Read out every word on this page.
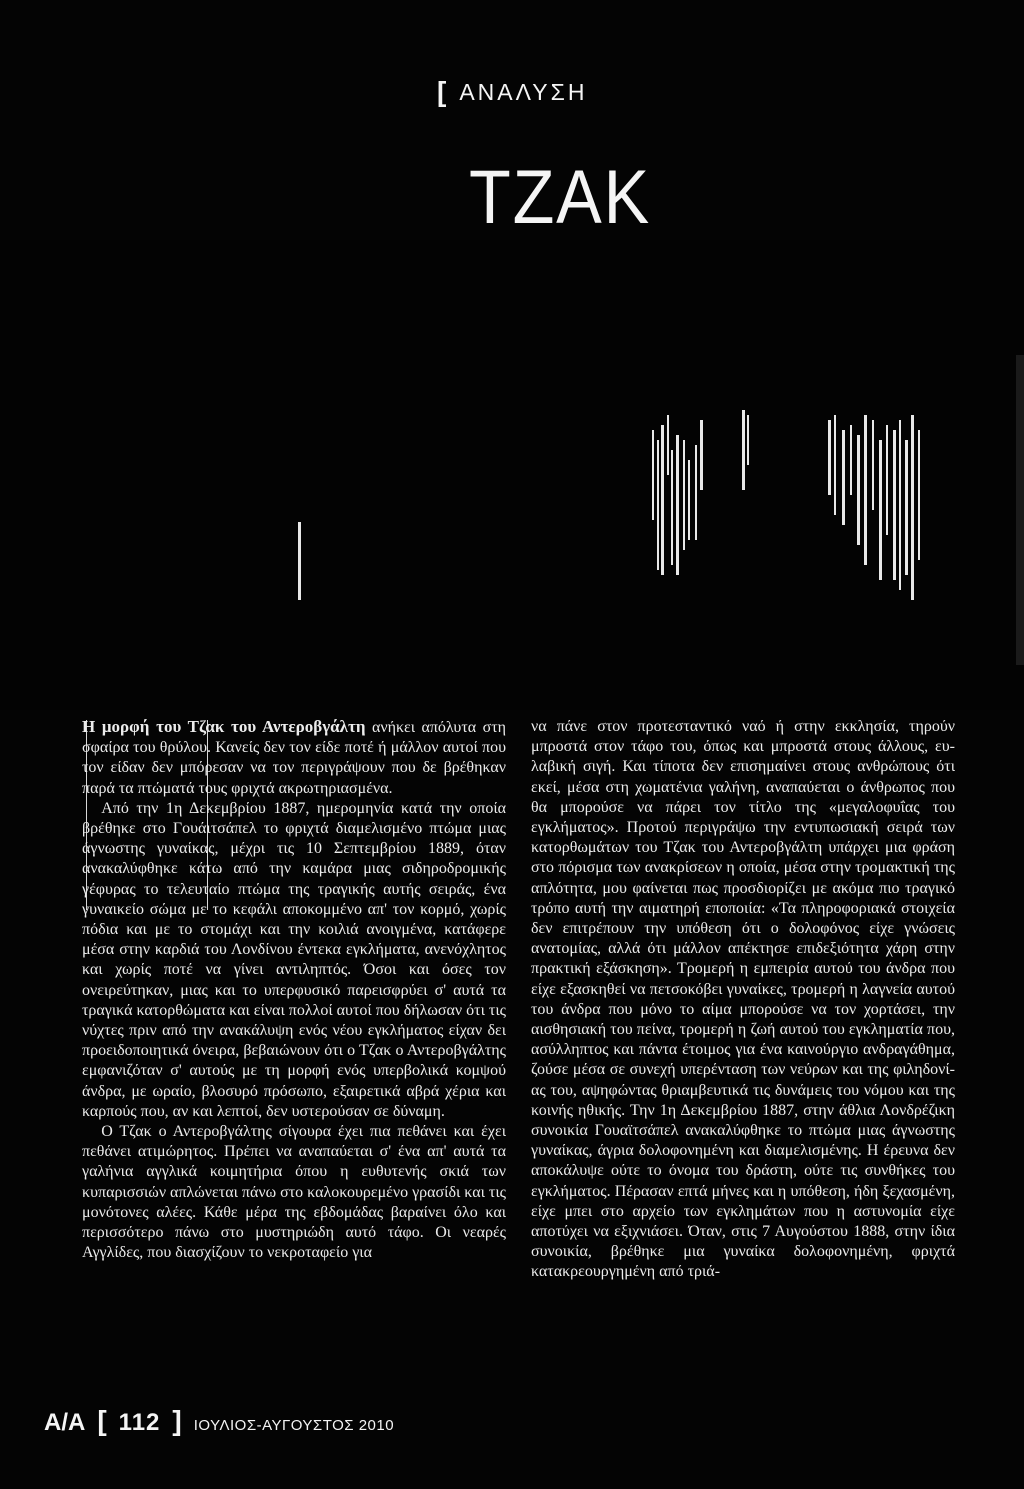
[ ΑΝΑΛΥΣΗ
ΤΖΑΚ

Η μορφή του Τζακ του Αντεροβγάλτη ανήκει απόλυτα στη σφαίρα του θρύλου. Κανείς δεν τον είδε ποτέ ή μάλλον αυτοί που τον είδαν δεν μπόρεσαν να τον περιγράψουν που δε βρέθηκαν παρά τα πτώματά τους φριχτά ακρωτηριασμένα.

Από την 1η Δεκεμβρίου 1887, ημερομηνία κατά την οποία βρέθηκε στο Γουάιτσάπελ το φριχτά διαμελισμένο πτώμα μιας άγνωστης γυναίκας, μέχρι τις 10 Σεπτεμβρίου 1889, όταν ανακαλύφθηκε κάτω από την καμάρα μιας σιδηροδρομικής γέφυρας το τελευταίο πτώμα της τραγικής αυτής σειράς, ένα γυναικείο σώμα με το κεφάλι αποκομμένο απ' τον κορμό, χωρίς πόδια και με το στομάχι και την κοιλιά ανοιγμένα, κατάφερε μέσα στην καρδιά του Λονδίνου έντεκα εγκλήματα, ανενόχλητος και χωρίς ποτέ να γίνει αντιληπτός. Όσοι και όσες τον ονειρεύτηκαν, μιας και το υπερφυσικό παρεισφρύει σ' αυτά τα τραγικά κατορθώματα και είναι πολλοί αυτοί που δήλωσαν ότι τις νύχτες πριν από την ανακάλυψη ενός νέου εγκλήματος είχαν δει προειδοποιητικά όνειρα, βεβαιώνουν ότι ο Τζακ ο Αντεροβγάλτης εμφανιζόταν σ' αυτούς με τη μορφή ενός υπερβολικά κομψού άνδρα, με ωραίο, βλοσυρό πρόσωπο, εξαιρετικά αβρά χέρια και καρπούς που, αν και λεπτοί, δεν υστερούσαν σε δύναμη.

Ο Τζακ ο Αντεροβγάλτης σίγουρα έχει πια πεθάνει και έχει πεθάνει ατιμώρητος. Πρέπει να αναπαύεται σ' ένα απ' αυτά τα γαλήνια αγγλικά κοιμητήρια όπου η ευθυτενής σκιά των κυπαρισσιών απλώνεται πάνω στο καλοκουρεμένο γρασίδι και τις μονότονες αλέες. Κάθε μέρα της εβδομάδας βαραίνει όλο και περισσότερο πάνω στο μυστηριώδη αυτό τάφο. Οι νεαρές Αγγλίδες, που διασχίζουν το νεκροταφείο για

να πάνε στον προτεσταντικό ναό ή στην εκκλησία, τηρούν μπροστά στον τάφο του, όπως και μπροστά στους άλλους, ευλαβική σιγή. Και τίποτα δεν επισημαίνει στους ανθρώπους ότι εκεί, μέσα στη χωματένια γαλήνη, αναπαύεται ο άνθρωπος που θα μπορούσε να πάρει τον τίτλο της «μεγαλοφυΐας του εγκλήματος». Προτού περιγράψω την εντυπωσιακή σειρά των κατορθωμάτων του Τζακ του Αντεροβγάλτη υπάρχει μια φράση στο πόρισμα των ανακρίσεων η οποία, μέσα στην τρομακτική της απλότητα, μου φαίνεται πως προσδιορίζει με ακόμα πιο τραγικό τρόπο αυτή την αιματηρή εποποιία: «Τα πληροφοριακά στοιχεία δεν επιτρέπουν την υπόθεση ότι ο δολοφόνος είχε γνώσεις ανατομίας, αλλά ότι μάλλον απέκτησε επιδεξιότητα χάρη στην πρακτική εξάσκηση». Τρομερή η εμπειρία αυτού του άνδρα που είχε εξασκηθεί να πετσοκόβει γυναίκες, τρομερή η λαγνεία αυτού του άνδρα που μόνο το αίμα μπορούσε να τον χορτάσει, την αισθησιακή του πείνα, τρομερή η ζωή αυτού του εγκληματία που, ασύλληπτος και πάντα έτοιμος για ένα καινούργιο ανδραγάθημα, ζούσε μέσα σε συνεχή υπερένταση των νεύρων και της φιληδονίας του, αψηφώντας θριαμβευτικά τις δυνάμεις του νόμου και της κοινής ηθικής. Την 1η Δεκεμβρίου 1887, στην άθλια Λονδρέζικη συνοικία Γουαϊτσάπελ ανακαλύφθηκε το πτώμα μιας άγνωστης γυναίκας, άγρια δολοφονημένη και διαμελισμένης. Η έρευνα δεν αποκάλυψε ούτε το όνομα του δράστη, ούτε τις συνθήκες του εγκλήματος. Πέρασαν επτά μήνες και η υπόθεση, ήδη ξεχασμένη, είχε μπει στο αρχείο των εγκλημάτων που η αστυνομία είχε αποτύχει να εξιχνιάσει. Όταν, στις 7 Αυγούστου 1888, στην ίδια συνοικία, βρέθηκε μια γυναίκα δολοφονημένη, φριχτά κατακρεουργημένη από τριά-

Α/Α [ 112 ] ΙΟΥΛΙΟΣ-ΑΥΓΟΥΣΤΟΣ 2010
